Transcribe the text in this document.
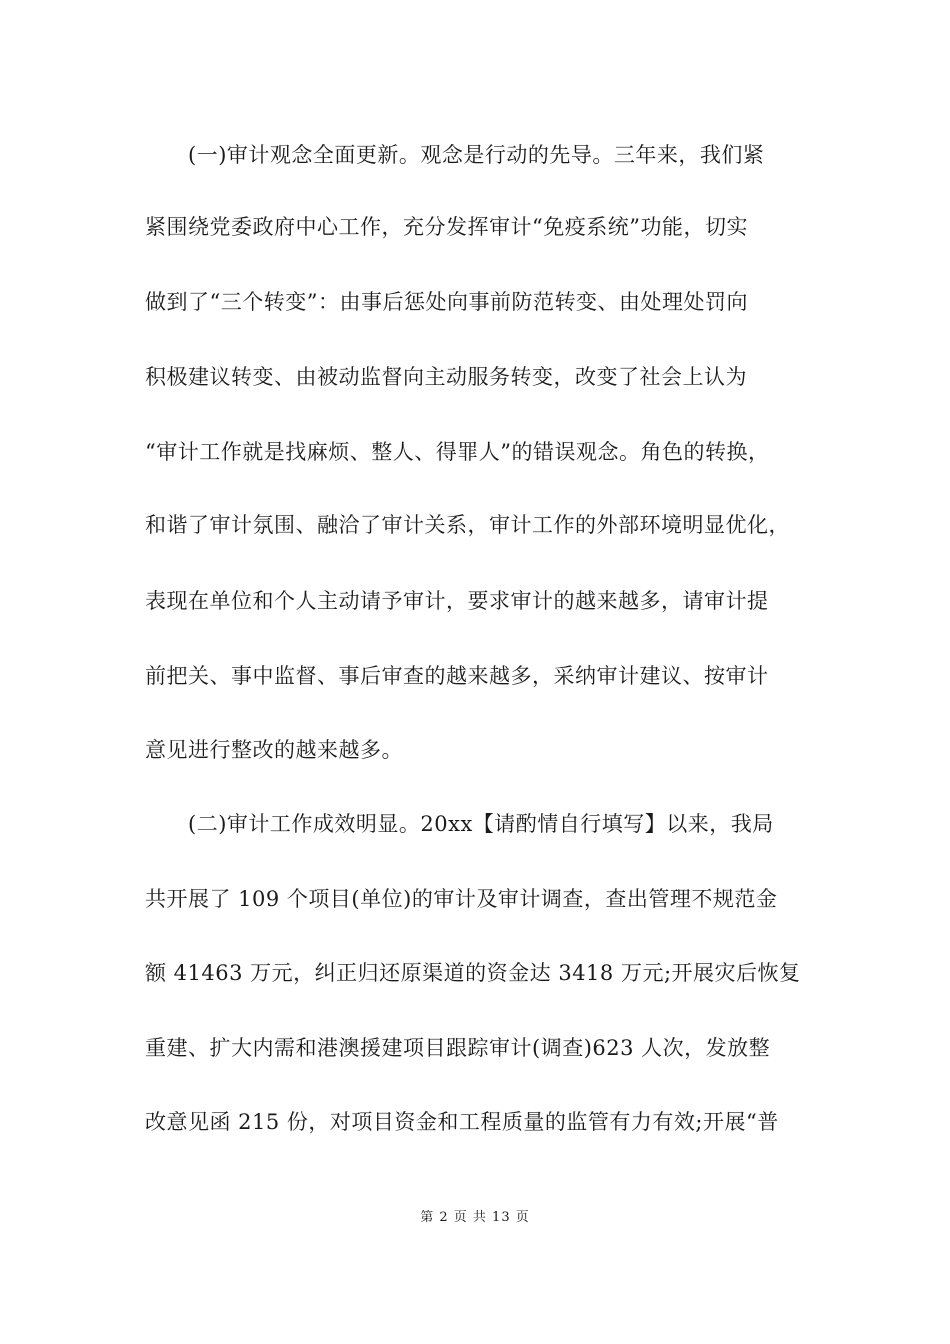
(一)审计观念全面更新。观念是行动的先导。三年来，我们紧
紧围绕党委政府中心工作，充分发挥审计“免疫系统”功能，切实
做到了“三个转变”：由事后惩处向事前防范转变、由处理处罚向
积极建议转变、由被动监督向主动服务转变，改变了社会上认为
“审计工作就是找麻烦、整人、得罪人”的错误观念。角色的转换，
和谐了审计氛围、融洽了审计关系，审计工作的外部环境明显优化，
表现在单位和个人主动请予审计，要求审计的越来越多，请审计提
前把关、事中监督、事后审查的越来越多，采纳审计建议、按审计
意见进行整改的越来越多。
(二)审计工作成效明显。20xx【请酌情自行填写】以来，我局
共开展了 109 个项目(单位)的审计及审计调查，查出管理不规范金
额 41463 万元，纠正归还原渠道的资金达 3418 万元;开展灾后恢复
重建、扩大内需和港澳援建项目跟踪审计(调查)623 人次，发放整
改意见函 215 份，对项目资金和工程质量的监管有力有效;开展“普
第 2 页 共 13 页
